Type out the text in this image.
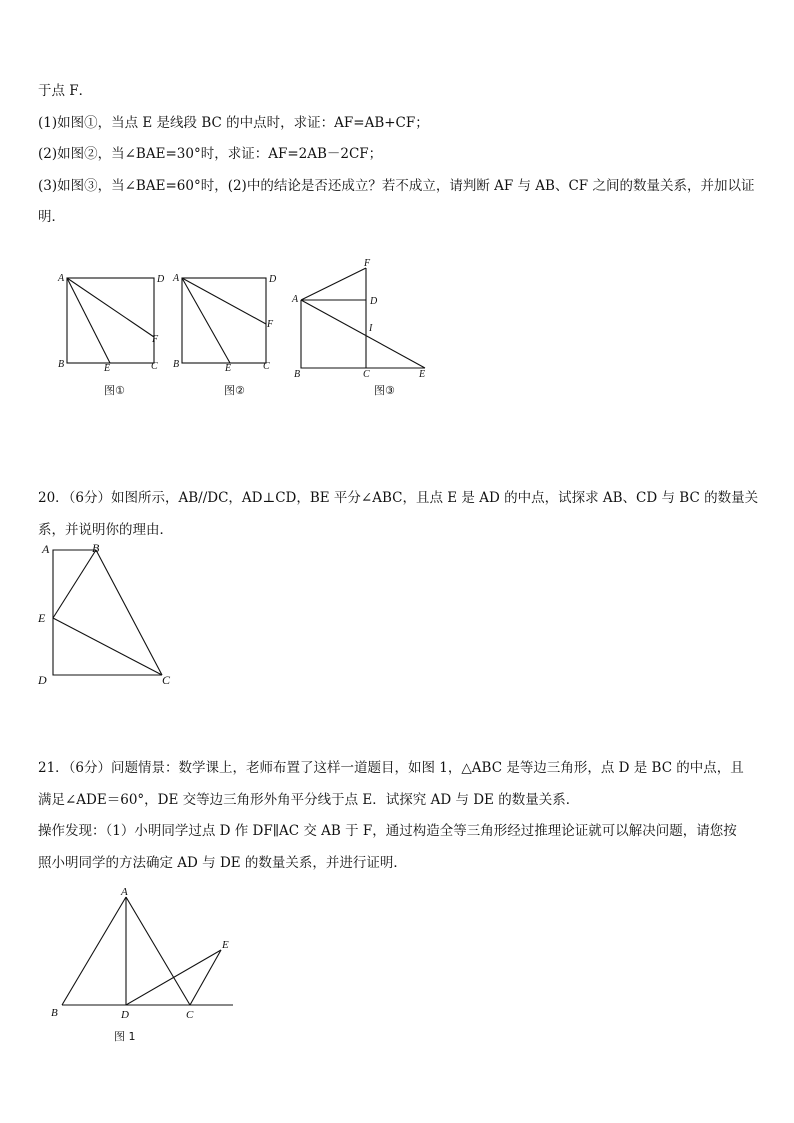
于点 F．
(1)如图①，当点 E 是线段 BC 的中点时，求证：AF=AB+CF；
(2)如图②，当∠BAE=30°时，求证：AF=2AB－2CF；
(3)如图③，当∠BAE=60°时，(2)中的结论是否还成立？若不成立，请判断 AF 与 AB、CF 之间的数量关系，并加以证
明．
A	D
B	C
E
F
图①
A	D
B	C
E
F
图②
A
F
D
I
B	C	E
图③
20．（6分）如图所示，AB//DC，AD⊥CD，BE 平分∠ABC，且点 E 是 AD 的中点，试探求 AB、CD 与 BC 的数量关
系，并说明你的理由．
A	B
E
D	C
21．（6分）问题情景：数学课上，老师布置了这样一道题目，如图 1，△ABC 是等边三角形，点 D 是 BC 的中点，且
满足∠ADE＝60°，DE 交等边三角形外角平分线于点 E．试探究 AD 与 DE 的数量关系．
操作发现：（1）小明同学过点 D 作 DF∥AC 交 AB 于 F，通过构造全等三角形经过推理论证就可以解决问题，请您按
照小明同学的方法确定 AD 与 DE 的数量关系，并进行证明．
A
E
B	D	C
图 1
